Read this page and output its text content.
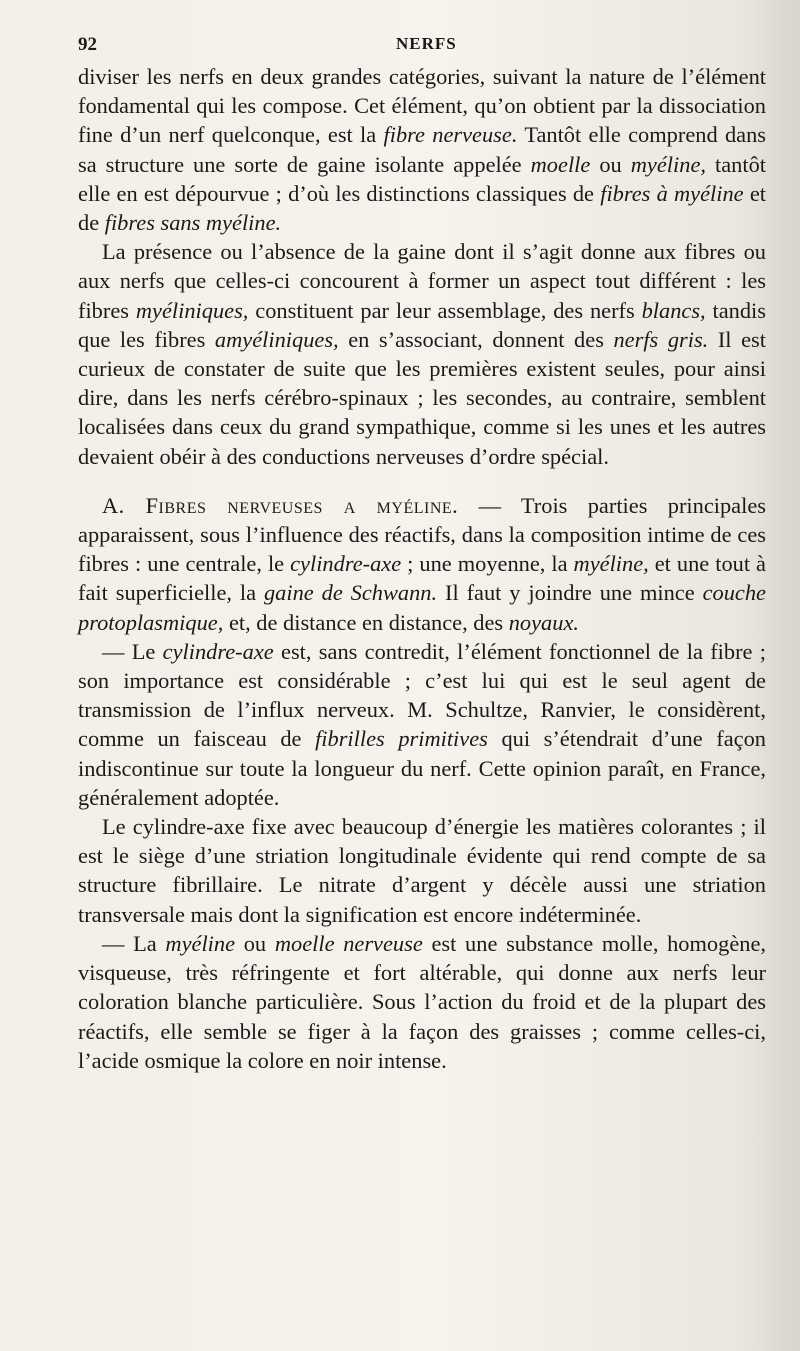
92	NERFS

diviser les nerfs en deux grandes catégories, suivant la nature de l’élément fondamental qui les compose. Cet élément, qu’on obtient par la dissociation fine d’un nerf quelconque, est la fibre nerveuse. Tantôt elle comprend dans sa structure une sorte de gaine isolante appelée moelle ou myéline, tantôt elle en est dépourvue ; d’où les distinctions classiques de fibres à myéline et de fibres sans myéline.

La présence ou l’absence de la gaine dont il s’agit donne aux fibres ou aux nerfs que celles-ci concourent à former un aspect tout différent : les fibres myéliniques, constituent par leur assemblage, des nerfs blancs, tandis que les fibres amyéliniques, en s’associant, donnent des nerfs gris. Il est curieux de constater de suite que les premières existent seules, pour ainsi dire, dans les nerfs cérébro-spinaux ; les secondes, au contraire, semblent localisées dans ceux du grand sympathique, comme si les unes et les autres devaient obéir à des conductions nerveuses d’ordre spécial.

A. Fibres nerveuses a myéline. — Trois parties principales apparaissent, sous l’influence des réactifs, dans la composition intime de ces fibres : une centrale, le cylindre-axe ; une moyenne, la myéline, et une tout à fait superficielle, la gaine de Schwann. Il faut y joindre une mince couche protoplasmique, et, de distance en distance, des noyaux.

— Le cylindre-axe est, sans contredit, l’élément fonctionnel de la fibre ; son importance est considérable ; c’est lui qui est le seul agent de transmission de l’influx nerveux. M. Schultze, Ranvier, le considèrent, comme un faisceau de fibrilles primitives qui s’étendrait d’une façon indiscontinue sur toute la longueur du nerf. Cette opinion paraît, en France, généralement adoptée.

Le cylindre-axe fixe avec beaucoup d’énergie les matières colorantes ; il est le siège d’une striation longitudinale évidente qui rend compte de sa structure fibrillaire. Le nitrate d’argent y décèle aussi une striation transversale mais dont la signification est encore indéterminée.

— La myéline ou moelle nerveuse est une substance molle, homogène, visqueuse, très réfringente et fort altérable, qui donne aux nerfs leur coloration blanche particulière. Sous l’action du froid et de la plupart des réactifs, elle semble se figer à la façon des graisses ; comme celles-ci, l’acide osmique la colore en noir intense.
